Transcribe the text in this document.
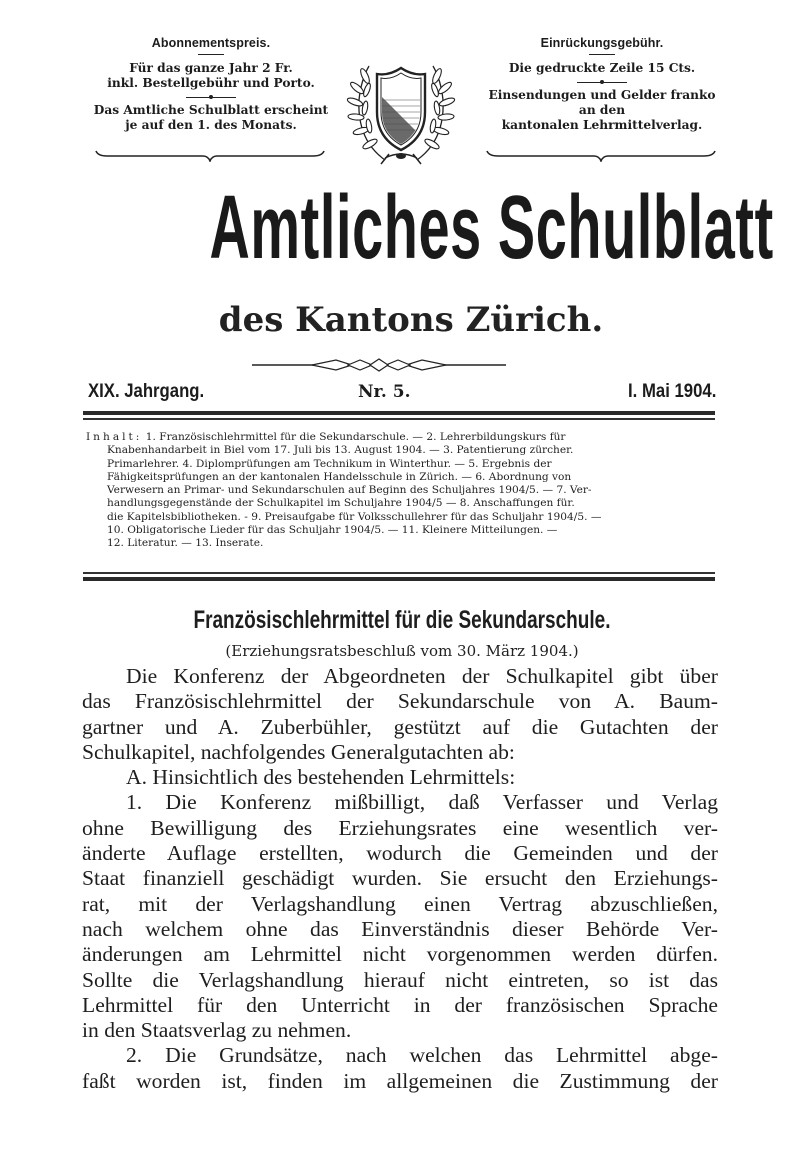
Abonnementspreis.
Für das ganze Jahr 2 Fr.
inkl. Bestellgebühr und Porto.
Das Amtliche Schulblatt erscheint
je auf den 1. des Monats.
Einrückungsgebühr.
Die gedruckte Zeile 15 Cts.
Einsendungen und Gelder franko
an den
kantonalen Lehrmittelverlag.
Amtliches Schulblatt
des Kantons Zürich.
XIX. Jahrgang.	Nr. 5.	I. Mai 1904.

Inhalt: 1. Französischlehrmittel für die Sekundarschule. — 2. Lehrerbildungskurs für

Knabenhandarbeit in Biel vom 17. Juli bis 13. August 1904. — 3. Patentierung zürcher.

Primarlehrer. 4. Diplomprüfungen am Technikum in Winterthur. — 5. Ergebnis der

Fähigkeitsprüfungen an der kantonalen Handelsschule in Zürich. — 6. Abordnung von

Verwesern an Primar- und Sekundarschulen auf Beginn des Schuljahres 1904/5. — 7. Ver-

handlungsgegenstände der Schulkapitel im Schuljahre 1904/5 — 8. Anschaffungen für.

die Kapitelsbibliotheken. - 9. Preisaufgabe für Volksschullehrer für das Schuljahr 1904/5. —

10. Obligatorische Lieder für das Schuljahr 1904/5. — 11. Kleinere Mitteilungen. —

12. Literatur. — 13. Inserate.

Französischlehrmittel für die Sekundarschule.
(Erziehungsratsbeschluß vom 30. März 1904.)
Die Konferenz der Abgeordneten der Schulkapitel gibt über
das Französischlehrmittel der Sekundarschule von A. Baum-
gartner und A. Zuberbühler, gestützt auf die Gutachten der
Schulkapitel, nachfolgendes Generalgutachten ab:
A. Hinsichtlich des bestehenden Lehrmittels:
1. Die Konferenz mißbilligt, daß Verfasser und Verlag
ohne Bewilligung des Erziehungsrates eine wesentlich ver-
änderte Auflage erstellten, wodurch die Gemeinden und der
Staat finanziell geschädigt wurden. Sie ersucht den Erziehungs-
rat, mit der Verlagshandlung einen Vertrag abzuschließen,
nach welchem ohne das Einverständnis dieser Behörde Ver-
änderungen am Lehrmittel nicht vorgenommen werden dürfen.
Sollte die Verlagshandlung hierauf nicht eintreten, so ist das
Lehrmittel für den Unterricht in der französischen Sprache
in den Staatsverlag zu nehmen.
2. Die Grundsätze, nach welchen das Lehrmittel abge-
faßt worden ist, finden im allgemeinen die Zustimmung der
